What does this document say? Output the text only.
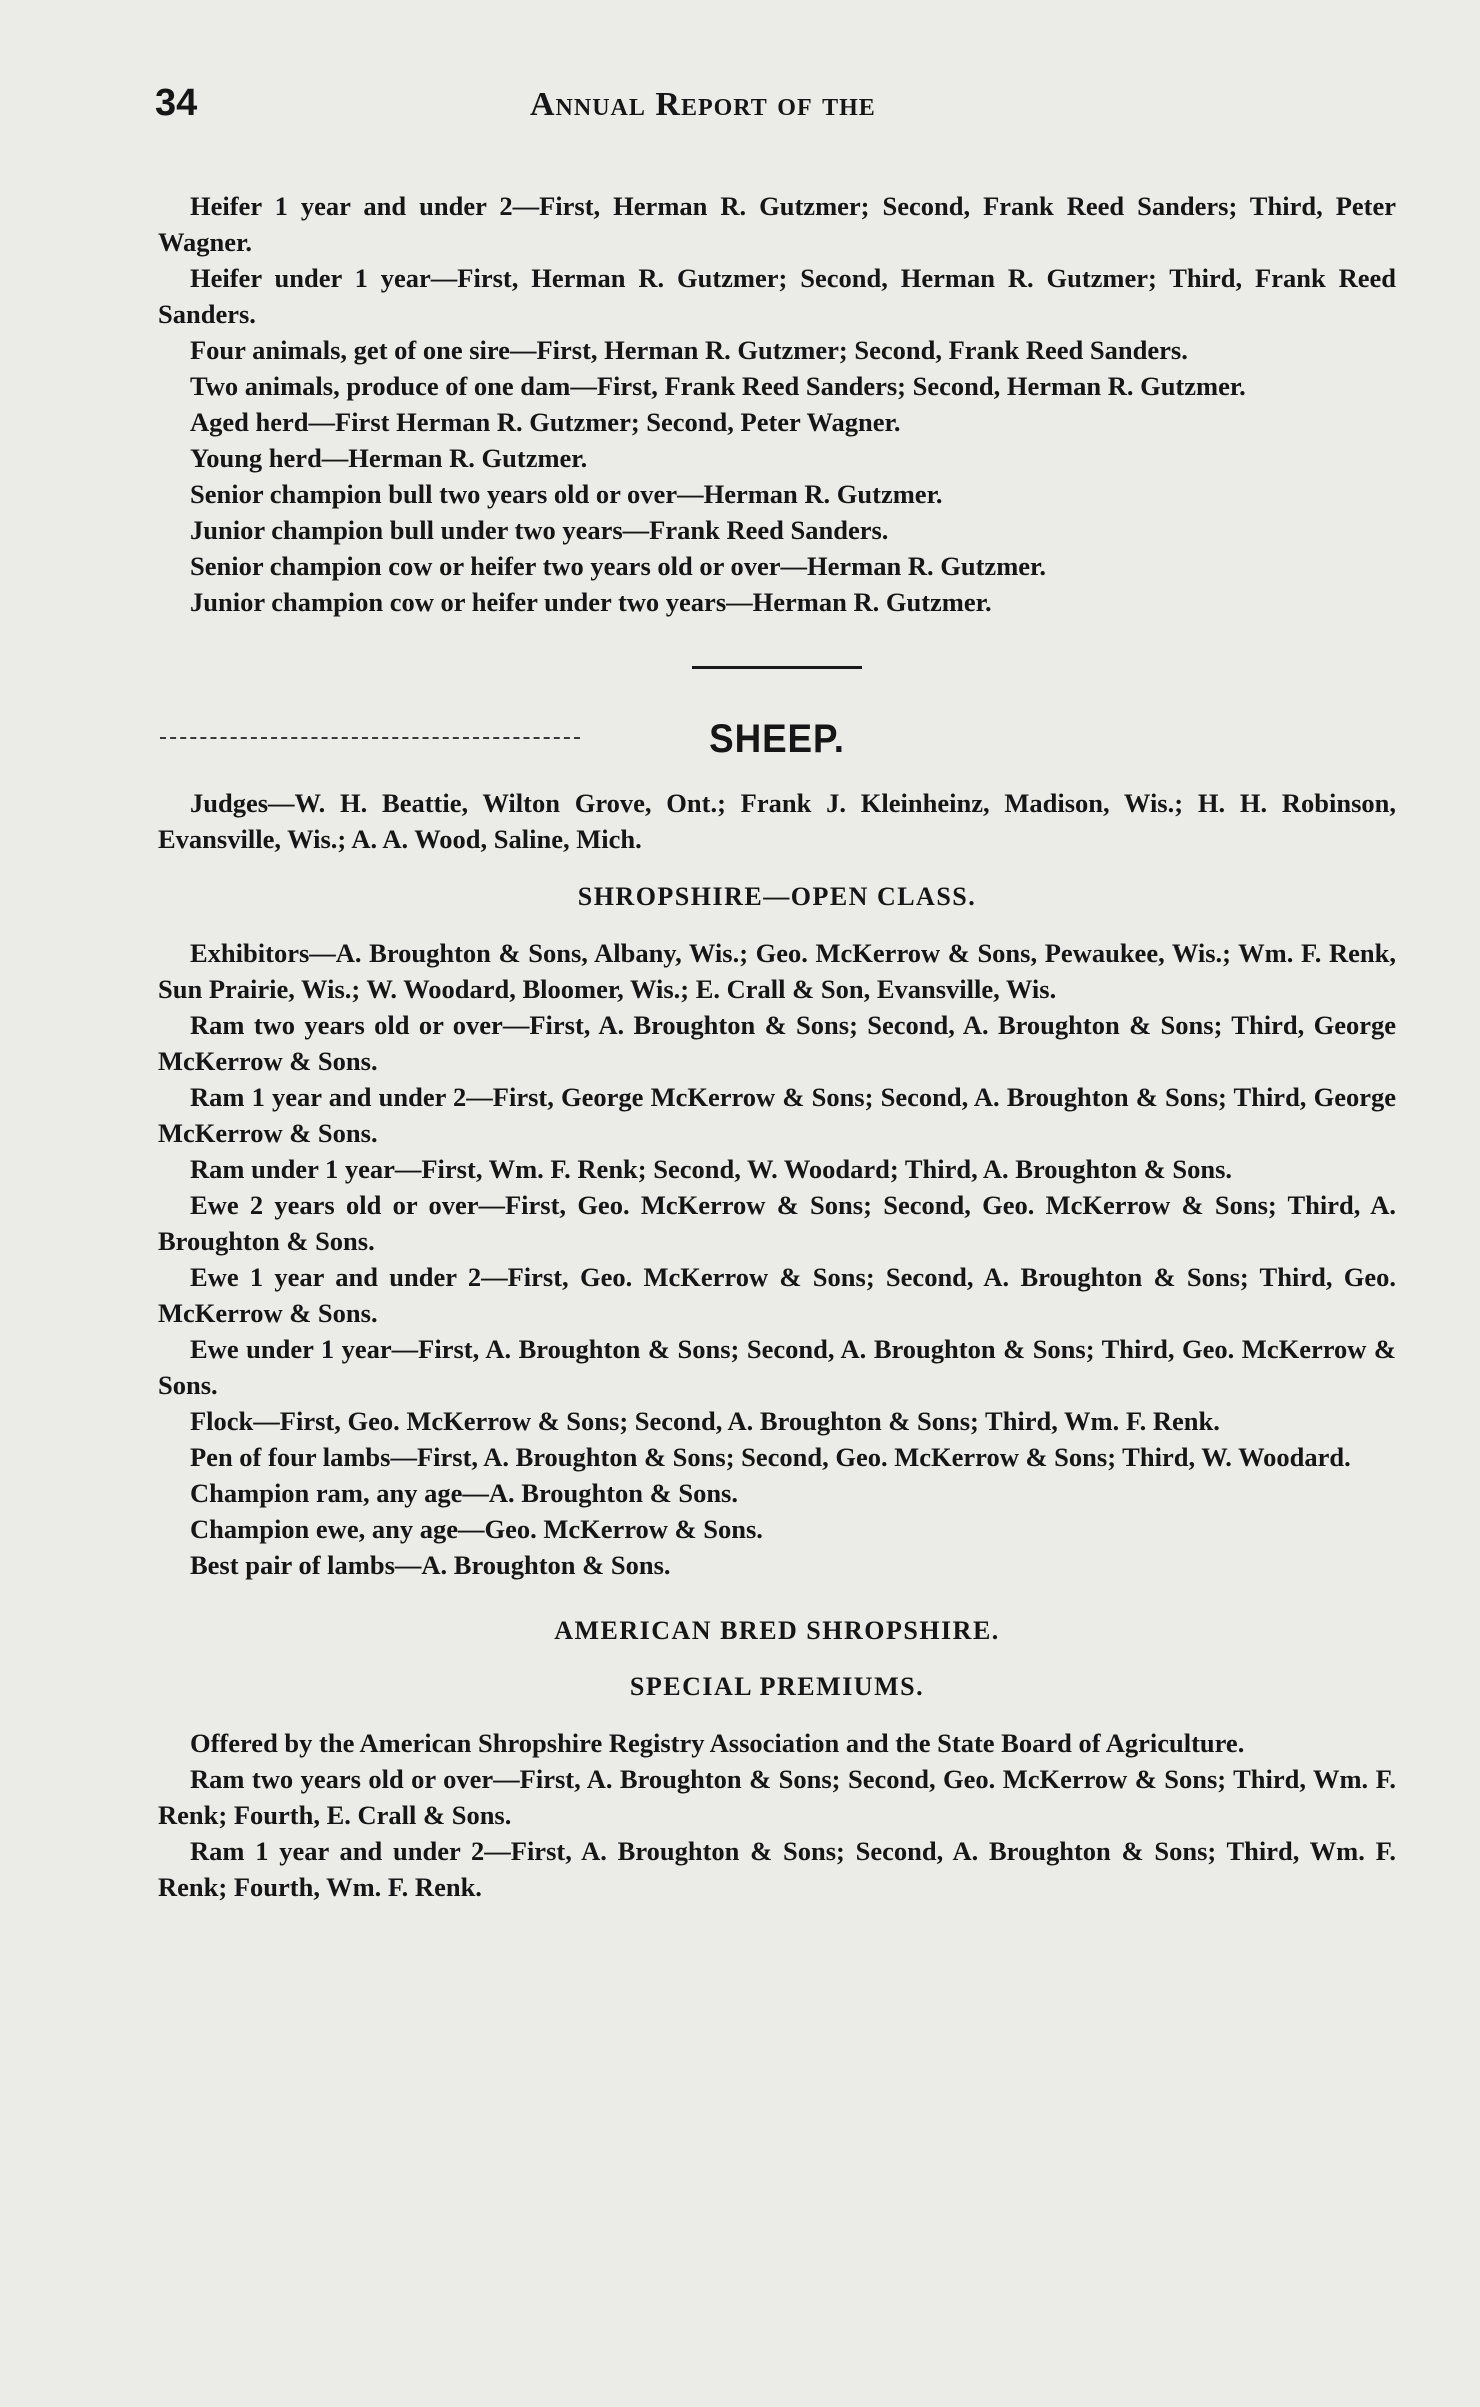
34	Annual Report of the

Heifer 1 year and under 2—First, Herman R. Gutzmer; Second, Frank Reed Sanders; Third, Peter Wagner.

Heifer under 1 year—First, Herman R. Gutzmer; Second, Herman R. Gutzmer; Third, Frank Reed Sanders.

Four animals, get of one sire—First, Herman R. Gutzmer; Second, Frank Reed Sanders.

Two animals, produce of one dam—First, Frank Reed Sanders; Second, Herman R. Gutzmer.

Aged herd—First Herman R. Gutzmer; Second, Peter Wagner.

Young herd—Herman R. Gutzmer.

Senior champion bull two years old or over—Herman R. Gutzmer.

Junior champion bull under two years—Frank Reed Sanders.

Senior champion cow or heifer two years old or over—Herman R. Gutzmer.

Junior champion cow or heifer under two years—Herman R. Gutzmer.

SHEEP.

Judges—W. H. Beattie, Wilton Grove, Ont.; Frank J. Kleinheinz, Madison, Wis.; H. H. Robinson, Evansville, Wis.; A. A. Wood, Saline, Mich.

SHROPSHIRE—OPEN CLASS.

Exhibitors—A. Broughton & Sons, Albany, Wis.; Geo. McKerrow & Sons, Pewaukee, Wis.; Wm. F. Renk, Sun Prairie, Wis.; W. Woodard, Bloomer, Wis.; E. Crall & Son, Evansville, Wis.

Ram two years old or over—First, A. Broughton & Sons; Second, A. Broughton & Sons; Third, George McKerrow & Sons.

Ram 1 year and under 2—First, George McKerrow & Sons; Second, A. Broughton & Sons; Third, George McKerrow & Sons.

Ram under 1 year—First, Wm. F. Renk; Second, W. Woodard; Third, A. Broughton & Sons.

Ewe 2 years old or over—First, Geo. McKerrow & Sons; Second, Geo. McKerrow & Sons; Third, A. Broughton & Sons.

Ewe 1 year and under 2—First, Geo. McKerrow & Sons; Second, A. Broughton & Sons; Third, Geo. McKerrow & Sons.

Ewe under 1 year—First, A. Broughton & Sons; Second, A. Broughton & Sons; Third, Geo. McKerrow & Sons.

Flock—First, Geo. McKerrow & Sons; Second, A. Broughton & Sons; Third, Wm. F. Renk.

Pen of four lambs—First, A. Broughton & Sons; Second, Geo. McKerrow & Sons; Third, W. Woodard.

Champion ram, any age—A. Broughton & Sons.

Champion ewe, any age—Geo. McKerrow & Sons.

Best pair of lambs—A. Broughton & Sons.

AMERICAN BRED SHROPSHIRE.
SPECIAL PREMIUMS.

Offered by the American Shropshire Registry Association and the State Board of Agriculture.

Ram two years old or over—First, A. Broughton & Sons; Second, Geo. McKerrow & Sons; Third, Wm. F. Renk; Fourth, E. Crall & Sons.

Ram 1 year and under 2—First, A. Broughton & Sons; Second, A. Broughton & Sons; Third, Wm. F. Renk; Fourth, Wm. F. Renk.
